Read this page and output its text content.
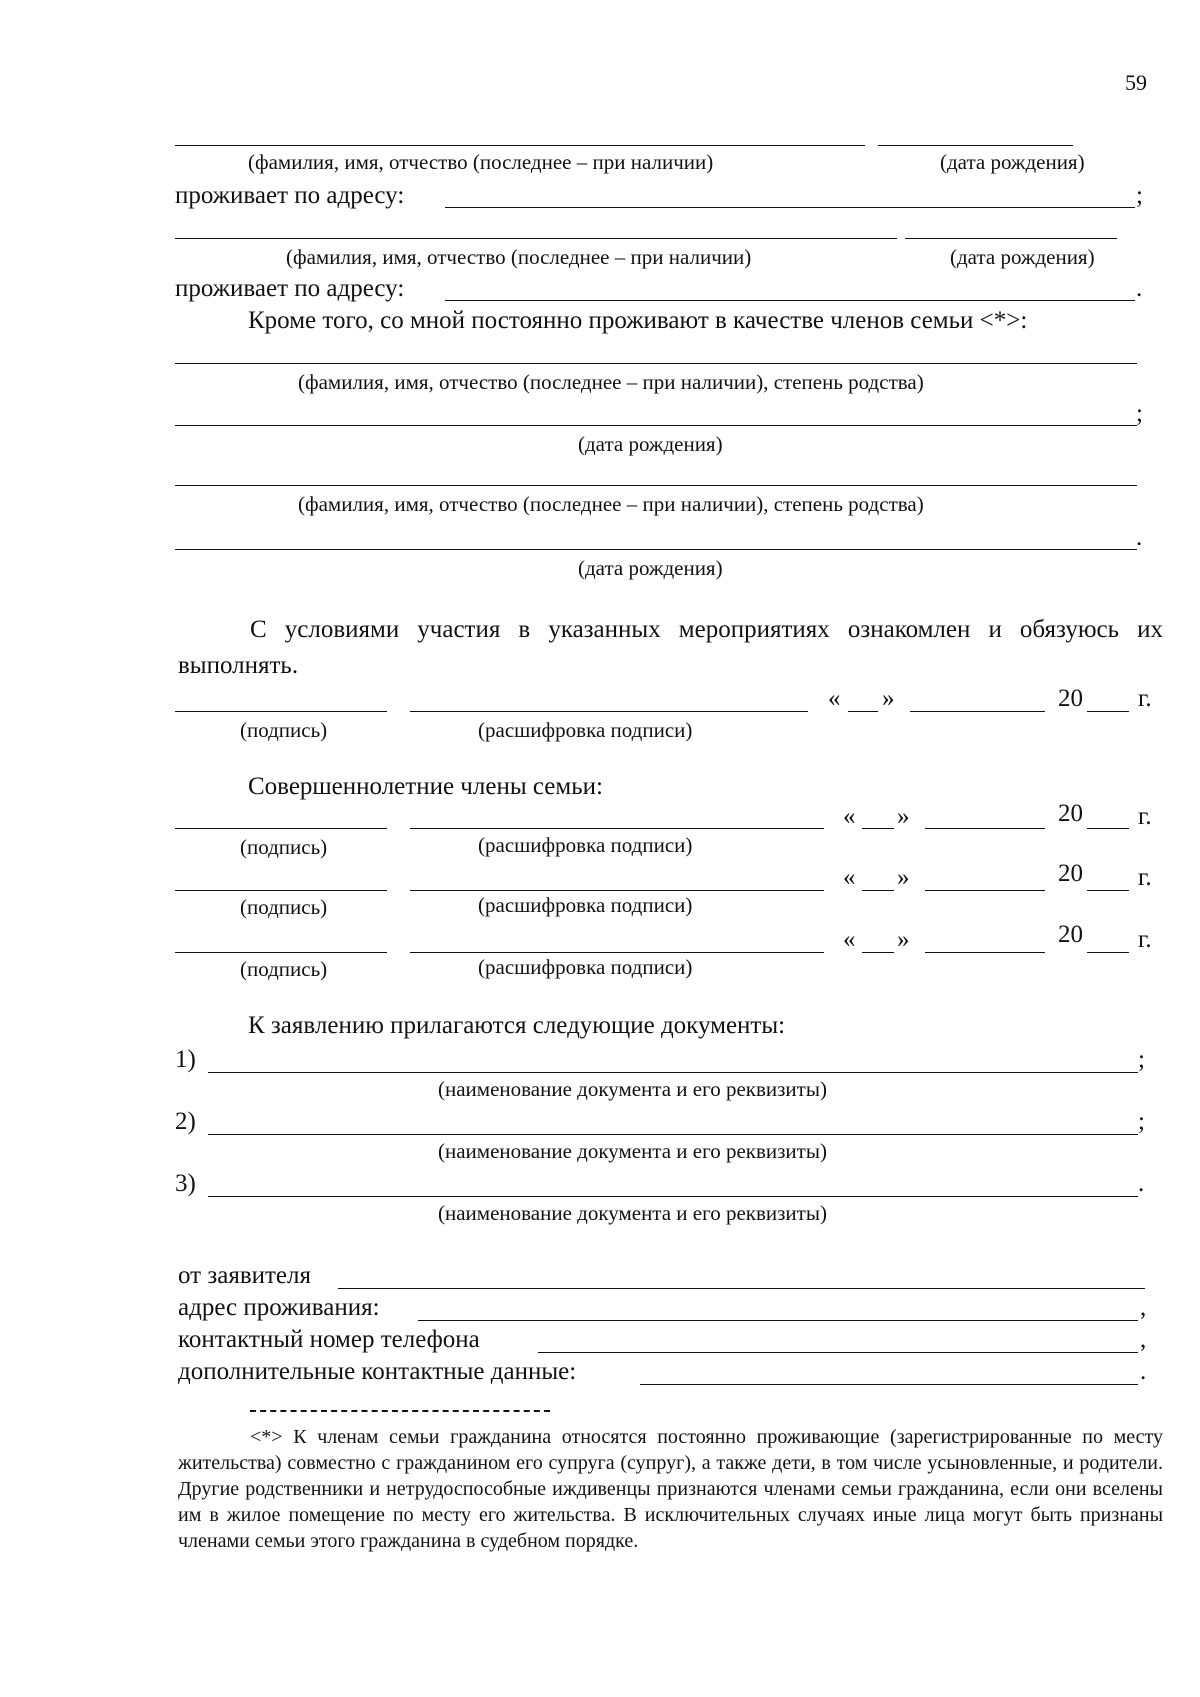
59
(фамилия, имя, отчество (последнее – при наличии)	(дата рождения)
проживает по адресу:	;
(фамилия, имя, отчество (последнее – при наличии)	(дата рождения)
проживает по адресу:	.
Кроме того, со мной постоянно проживают в качестве членов семьи <*>:
(фамилия, имя, отчество (последнее – при наличии), степень родства)
;
(дата рождения)
(фамилия, имя, отчество (последнее – при наличии), степень родства)
.
(дата рождения)
С условиями участия в указанных мероприятиях ознакомлен и обязуюсь их выполнять.
« »	20 г.
(подпись)	(расшифровка подписи)
Совершеннолетние члены семьи:
« »	20 г.
(подпись)	(расшифровка подписи)
« »	20 г.
(подпись)	(расшифровка подписи)
« »	20 г.
(подпись)	(расшифровка подписи)
К заявлению прилагаются следующие документы:
1)	;
(наименование документа и его реквизиты)
2)	;
(наименование документа и его реквизиты)
3)	.
(наименование документа и его реквизиты)
от заявителя
адрес проживания:	,
контактный номер телефона	,
дополнительные контактные данные:	.
<*> К членам семьи гражданина относятся постоянно проживающие (зарегистрированные по месту жительства) совместно с гражданином его супруга (супруг), а также дети, в том числе усыновленные, и родители. Другие родственники и нетрудоспособные иждивенцы признаются членами семьи гражданина, если они вселены им в жилое помещение по месту его жительства. В исключительных случаях иные лица могут быть признаны членами семьи этого гражданина в судебном порядке.
